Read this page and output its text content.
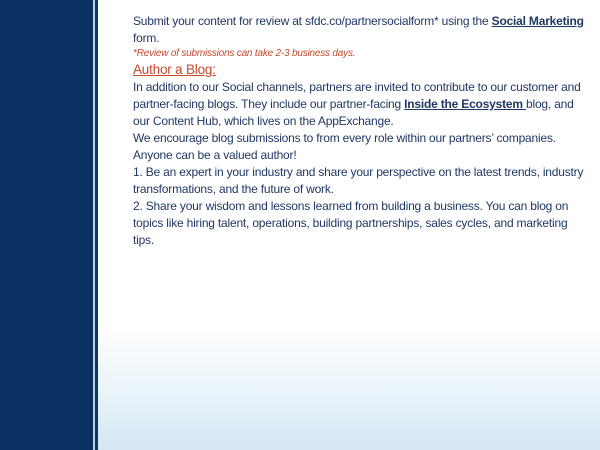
Submit your content for review at sfdc.co/partnersocialform* using the Social Marketing form.

*Review of submissions can take 2-3 business days.

Author a Blog:

In addition to our Social channels, partners are invited to contribute to our customer and partner-facing blogs. They include our partner-facing Inside the Ecosystem blog, and our Content Hub, which lives on the AppExchange.

We encourage blog submissions to from every role within our partners’ companies. Anyone can be a valued author!

1. Be an expert in your industry and share your perspective on the latest trends, industry transformations, and the future of work.

2. Share your wisdom and lessons learned from building a business. You can blog on topics like hiring talent, operations, building partnerships, sales cycles, and marketing tips.
